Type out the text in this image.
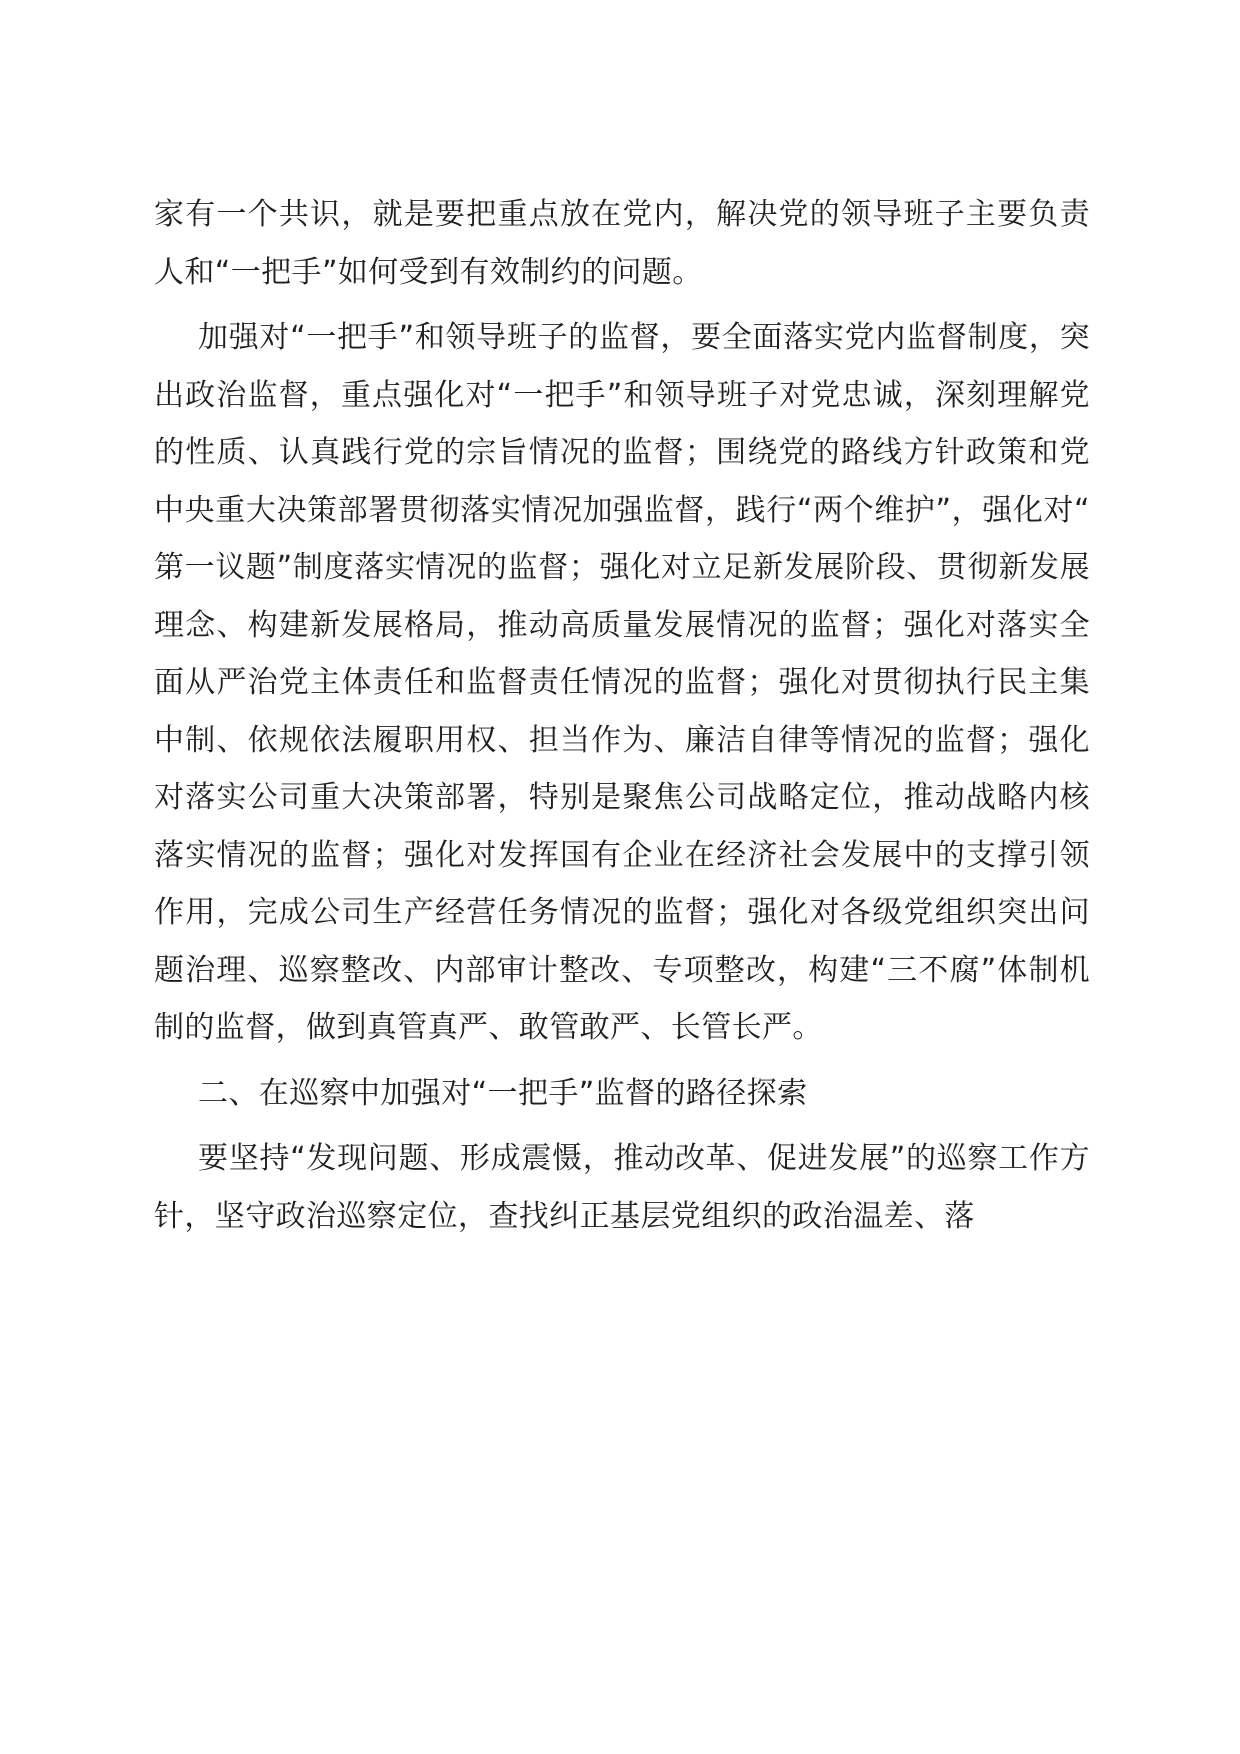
家有一个共识，就是要把重点放在党内，解决党的领导班子主要负责人和“一把手”如何受到有效制约的问题。

加强对“一把手”和领导班子的监督，要全面落实党内监督制度，突出政治监督，重点强化对“一把手”和领导班子对党忠诚，深刻理解党的性质、认真践行党的宗旨情况的监督；围绕党的路线方针政策和党中央重大决策部署贯彻落实情况加强监督，践行“两个维护”，强化对“第一议题”制度落实情况的监督；强化对立足新发展阶段、贯彻新发展理念、构建新发展格局，推动高质量发展情况的监督；强化对落实全面从严治党主体责任和监督责任情况的监督；强化对贯彻执行民主集中制、依规依法履职用权、担当作为、廉洁自律等情况的监督；强化对落实公司重大决策部署，特别是聚焦公司战略定位，推动战略内核落实情况的监督；强化对发挥国有企业在经济社会发展中的支撑引领作用，完成公司生产经营任务情况的监督；强化对各级党组织突出问题治理、巡察整改、内部审计整改、专项整改，构建“三不腐”体制机制的监督，做到真管真严、敢管敢严、长管长严。

二、在巡察中加强对“一把手”监督的路径探索

要坚持“发现问题、形成震慑，推动改革、促进发展”的巡察工作方针，坚守政治巡察定位，查找纠正基层党组织的政治温差、落
